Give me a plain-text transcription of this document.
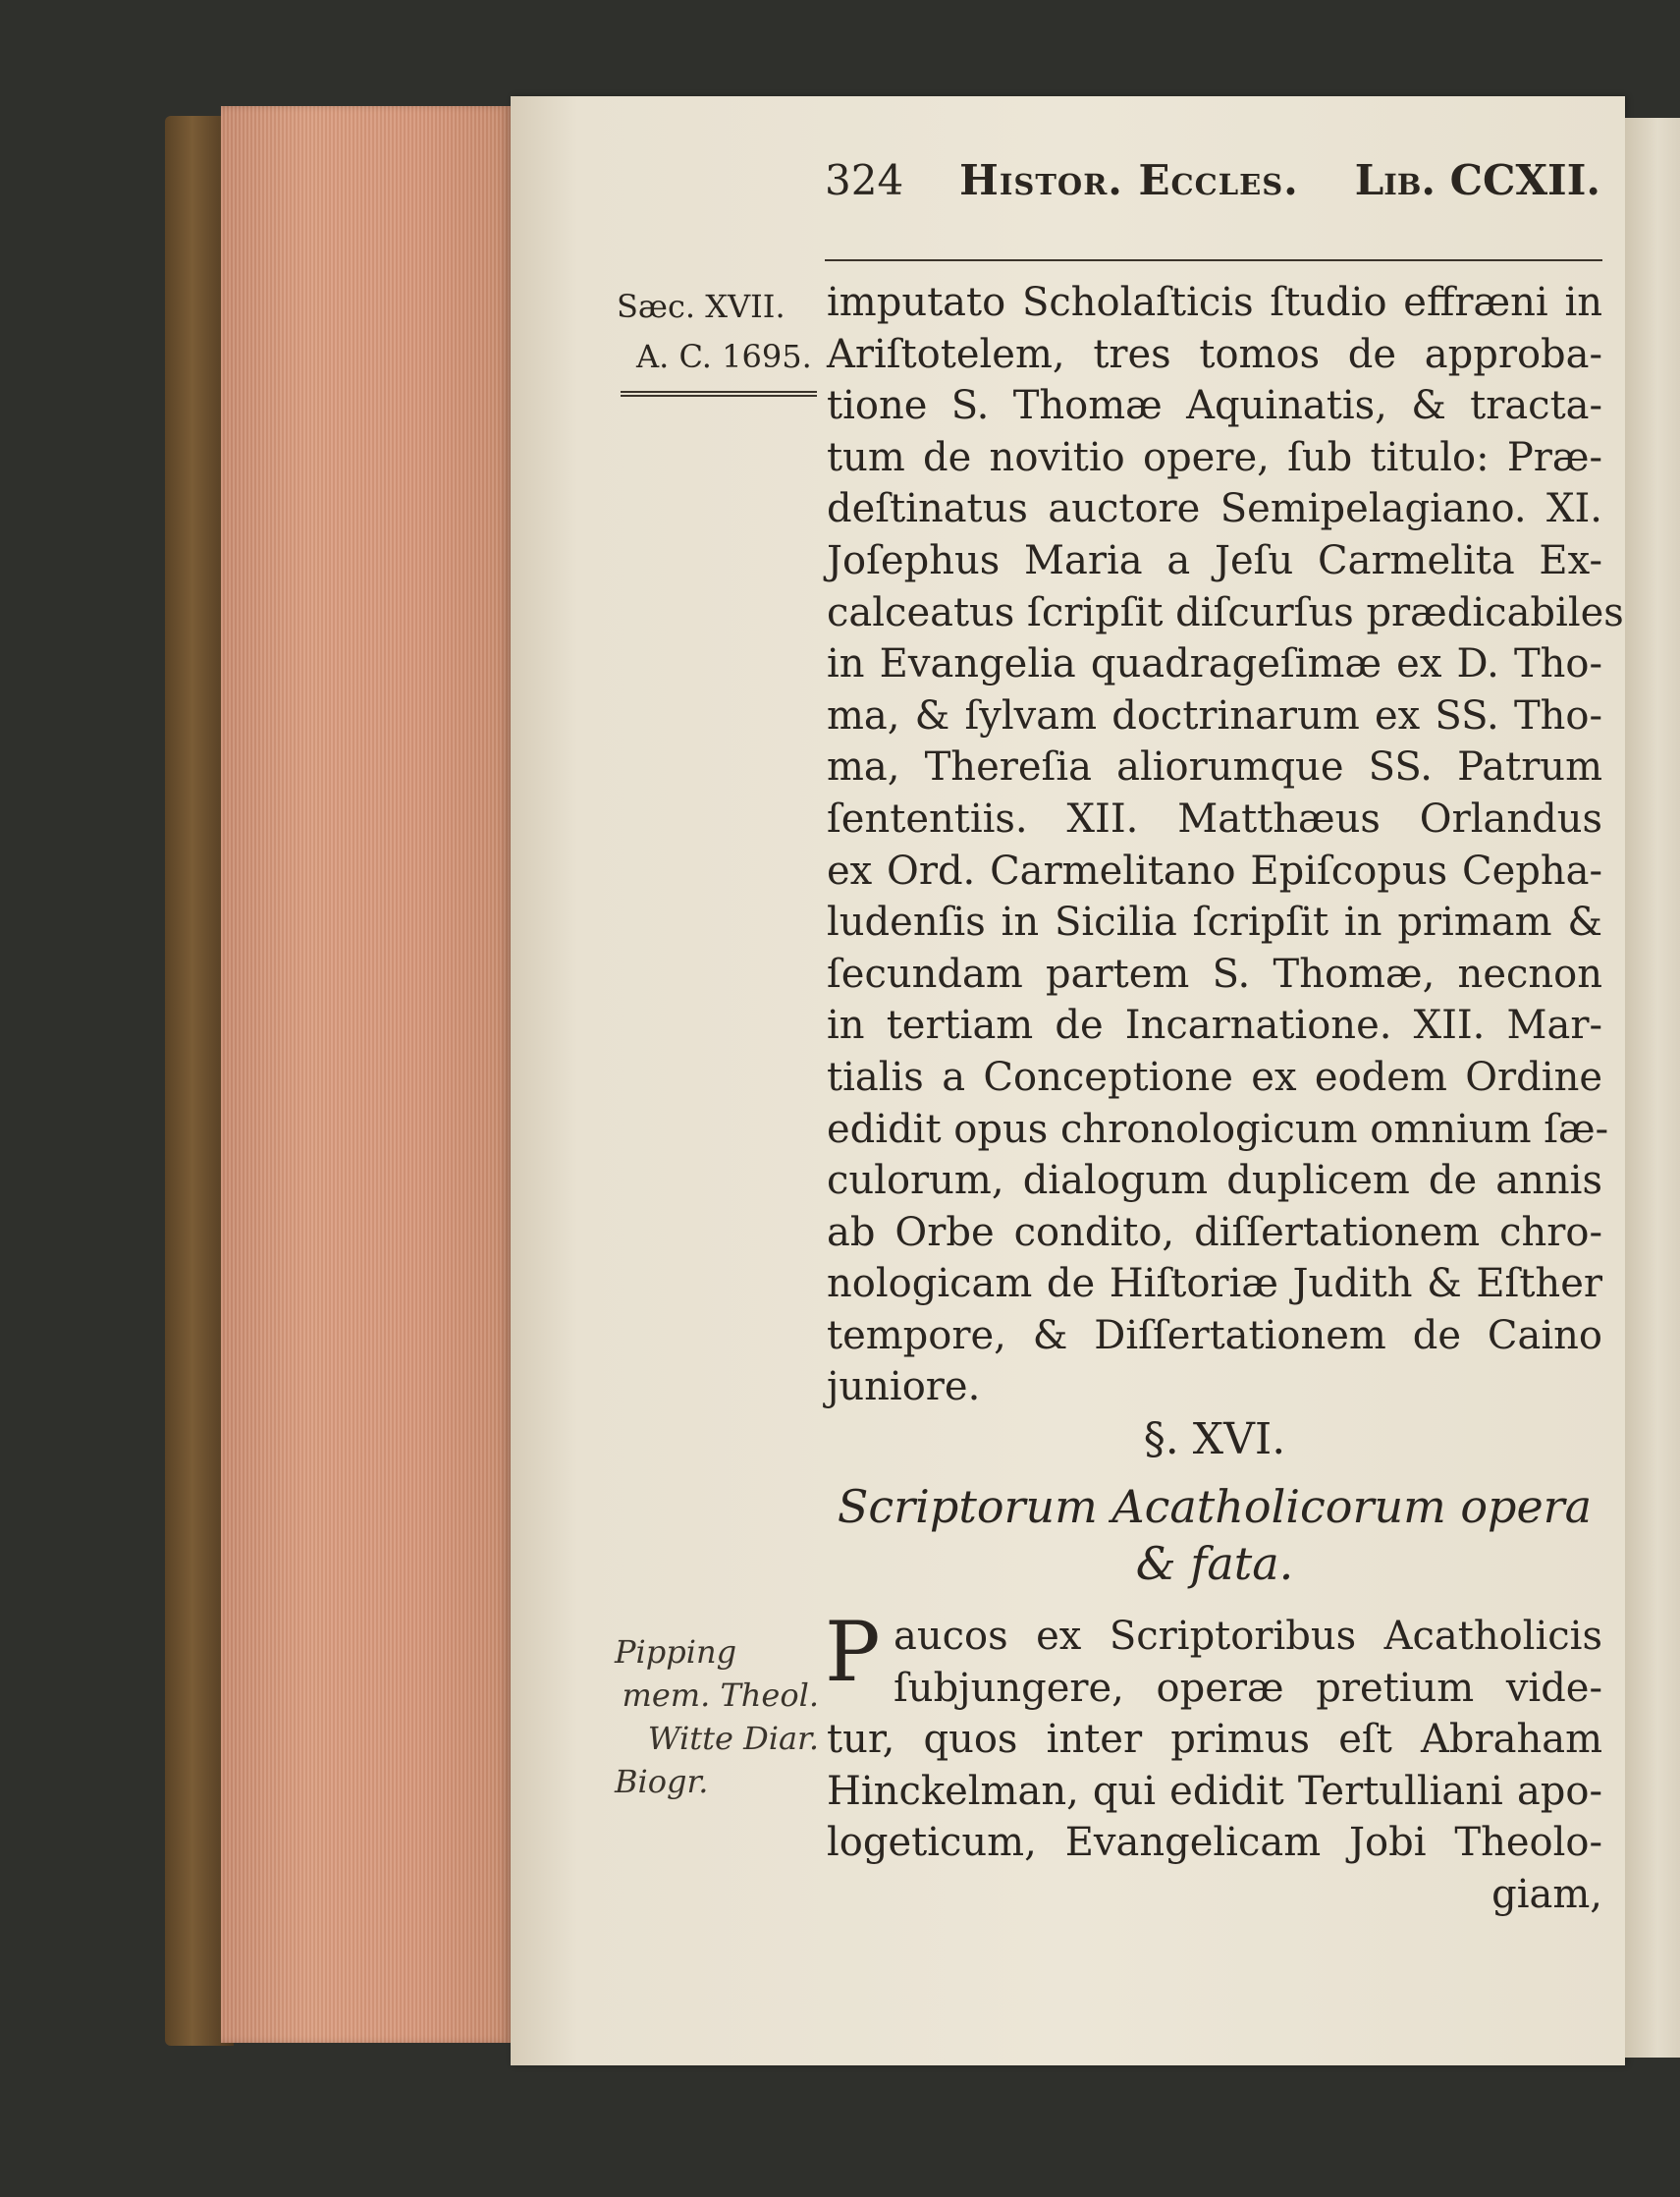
324 Histor. Eccles. Lib. CCXII.
Sæc. XVII.
A. C. 1695.
imputato Scholaſticis ſtudio effræni in
Ariſtotelem, tres tomos de approba-
tione S. Thomæ Aquinatis, & tracta-
tum de novitio opere, ſub titulo: Præ-
deſtinatus auctore Semipelagiano. XI.
Joſephus Maria a Jeſu Carmelita Ex-
calceatus ſcripſit diſcurſus prædicabiles
in Evangelia quadrageſimæ ex D. Tho-
ma, & ſylvam doctrinarum ex SS. Tho-
ma, Thereſia aliorumque SS. Patrum
ſententiis. XII. Matthæus Orlandus
ex Ord. Carmelitano Epiſcopus Cepha-
ludenſis in Sicilia ſcripſit in primam &
ſecundam partem S. Thomæ, necnon
in tertiam de Incarnatione. XII. Mar-
tialis a Conceptione ex eodem Ordine
edidit opus chronologicum omnium ſæ-
culorum, dialogum duplicem de annis
ab Orbe condito, diſſertationem chro-
nologicam de Hiſtoriæ Judith & Eſther
tempore, & Diſſertationem de Caino
juniore.
§. XVI.
Scriptorum Acatholicorum opera
& fata.
P aucos ex Scriptoribus Acatholicis
ſubjungere, operæ pretium vide-
tur, quos inter primus eſt Abraham
Hinckelman, qui edidit Tertulliani apo-
logeticum, Evangelicam Jobi Theolo-
giam,
Pipping
mem. Theol.
Witte Diar.
Biogr.
